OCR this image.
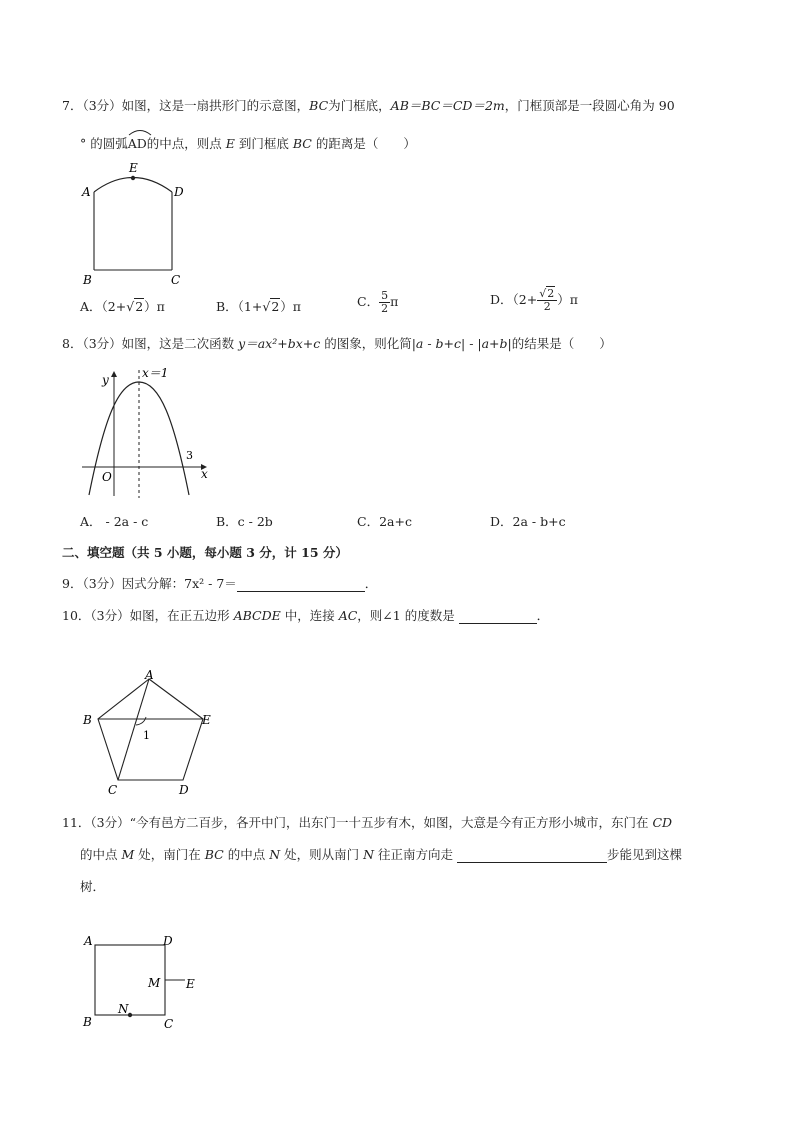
7．（3分）如图，这是一扇拱形门的示意图，BC为门框底，AB＝BC＝CD＝2m，门框顶部是一段圆心角为 90
° 的圆弧
AD的中点，则点 E 到门框底 BC 的距离是（　　）
A
E
D
B	C
A．（2+√2）π	B．（1+√2）π	C． $\frac{5}{2}$ π	D．$(2+ \frac{√2}{2} )\pi$
8．（3分）如图，这是二次函数 y＝ax²+bx+c 的图象，则化简|a - b+c| - |a+b|的结果是（　　）
y	x＝1
O
3
x
A． - 2a - c	B．c - 2b	C．2a+c	D．2a - b+c
二、填空题（共 5 小题，每小题 3 分，计 15 分）
9．（3分）因式分解：7x² - 7＝	．
10．（3分）如图，在正五边形 ABCDE 中，连接 AC，则∠1 的度数是	．
A
B	E
1
C	D
11．（3分）“今有邑方二百步，各开中门，出东门一十五步有木，如图，大意是今有正方形小城市，东门在 CD
的中点 M 处，南门在 BC 的中点 N 处，则从南门 N 往正南方向走	步能见到这棵
树．
A	D
M E
B
N
C
